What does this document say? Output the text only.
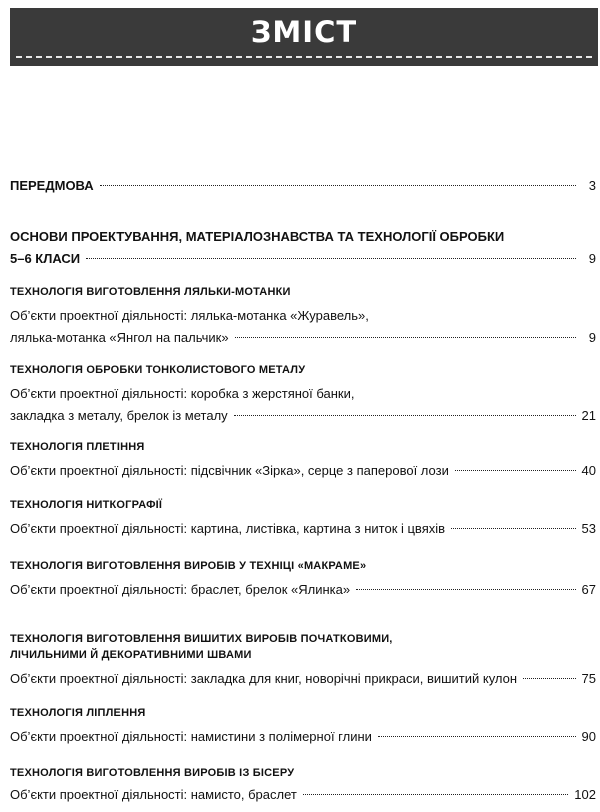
ЗМІСТ
ПЕРЕДМОВА	3
ОСНОВИ ПРОЕКТУВАННЯ, МАТЕРІАЛОЗНАВСТВА ТА ТЕХНОЛОГІЇ ОБРОБКИ
5–6 КЛАСИ	9
ТЕХНОЛОГІЯ ВИГОТОВЛЕННЯ ЛЯЛЬКИ-МОТАНКИ
Об’єкти проектної діяльності: лялька-мотанка «Журавель»,
лялька-мотанка «Янгол на пальчик»	9
ТЕХНОЛОГІЯ ОБРОБКИ ТОНКОЛИСТОВОГО МЕТАЛУ
Об’єкти проектної діяльності: коробка з жерстяної банки,
закладка з металу, брелок із металу	21
ТЕХНОЛОГІЯ ПЛЕТІННЯ
Об’єкти проектної діяльності: підсвічник «Зірка», серце з паперової лози	40
ТЕХНОЛОГІЯ НИТКОГРАФІЇ
Об’єкти проектної діяльності: картина, листівка, картина з ниток і цвяхів	53
ТЕХНОЛОГІЯ ВИГОТОВЛЕННЯ ВИРОБІВ У ТЕХНІЦІ «МАКРАМЕ»
Об’єкти проектної діяльності: браслет, брелок «Ялинка»	67
ТЕХНОЛОГІЯ ВИГОТОВЛЕННЯ ВИШИТИХ ВИРОБІВ ПОЧАТКОВИМИ,
ЛІЧИЛЬНИМИ Й ДЕКОРАТИВНИМИ ШВАМИ
Об’єкти проектної діяльності: закладка для книг, новорічні прикраси, вишитий кулон	75
ТЕХНОЛОГІЯ ЛІПЛЕННЯ
Об’єкти проектної діяльності: намистини з полімерної глини	90
ТЕХНОЛОГІЯ ВИГОТОВЛЕННЯ ВИРОБІВ ІЗ БІСЕРУ
Об’єкти проектної діяльності: намисто, браслет	102
